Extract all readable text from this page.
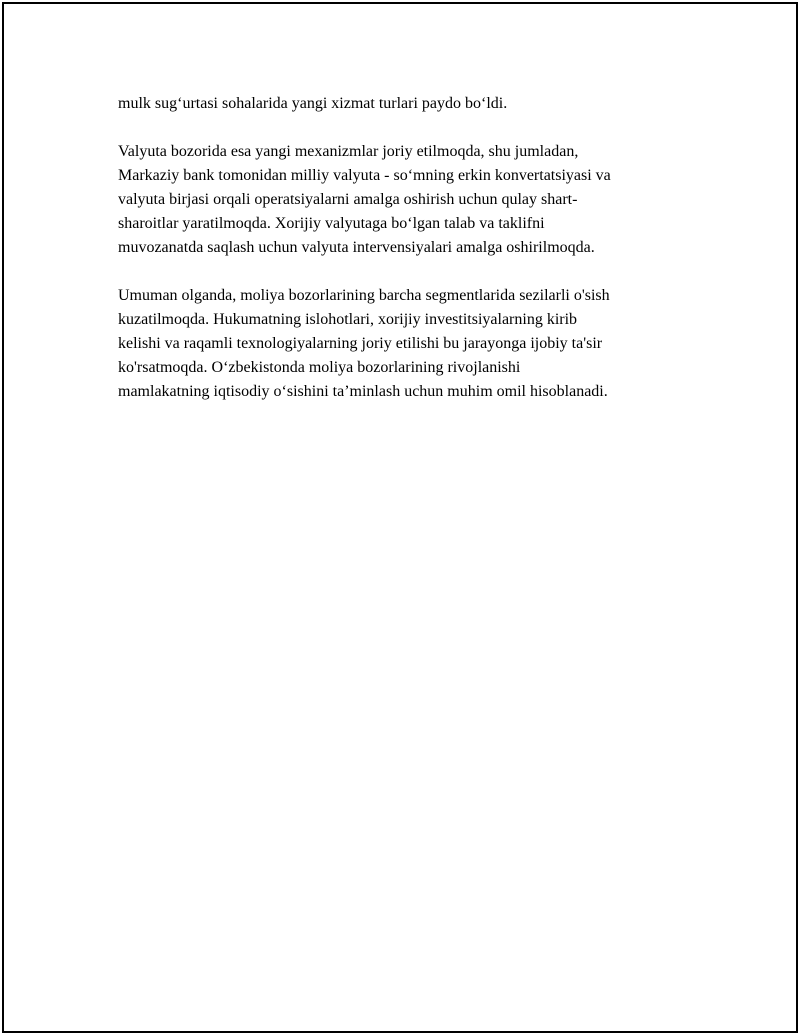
mulk sug‘urtasi sohalarida yangi xizmat turlari paydo bo‘ldi.
Valyuta bozorida esa yangi mexanizmlar joriy etilmoqda, shu jumladan,
Markaziy bank tomonidan milliy valyuta - so‘mning erkin konvertatsiyasi va
valyuta birjasi orqali operatsiyalarni amalga oshirish uchun qulay shart-
sharoitlar yaratilmoqda. Xorijiy valyutaga bo‘lgan talab va taklifni
muvozanatda saqlash uchun valyuta intervensiyalari amalga oshirilmoqda.
Umuman olganda, moliya bozorlarining barcha segmentlarida sezilarli o'sish
kuzatilmoqda. Hukumatning islohotlari, xorijiy investitsiyalarning kirib
kelishi va raqamli texnologiyalarning joriy etilishi bu jarayonga ijobiy ta'sir
ko'rsatmoqda. O‘zbekistonda moliya bozorlarining rivojlanishi
mamlakatning iqtisodiy o‘sishini ta’minlash uchun muhim omil hisoblanadi.
